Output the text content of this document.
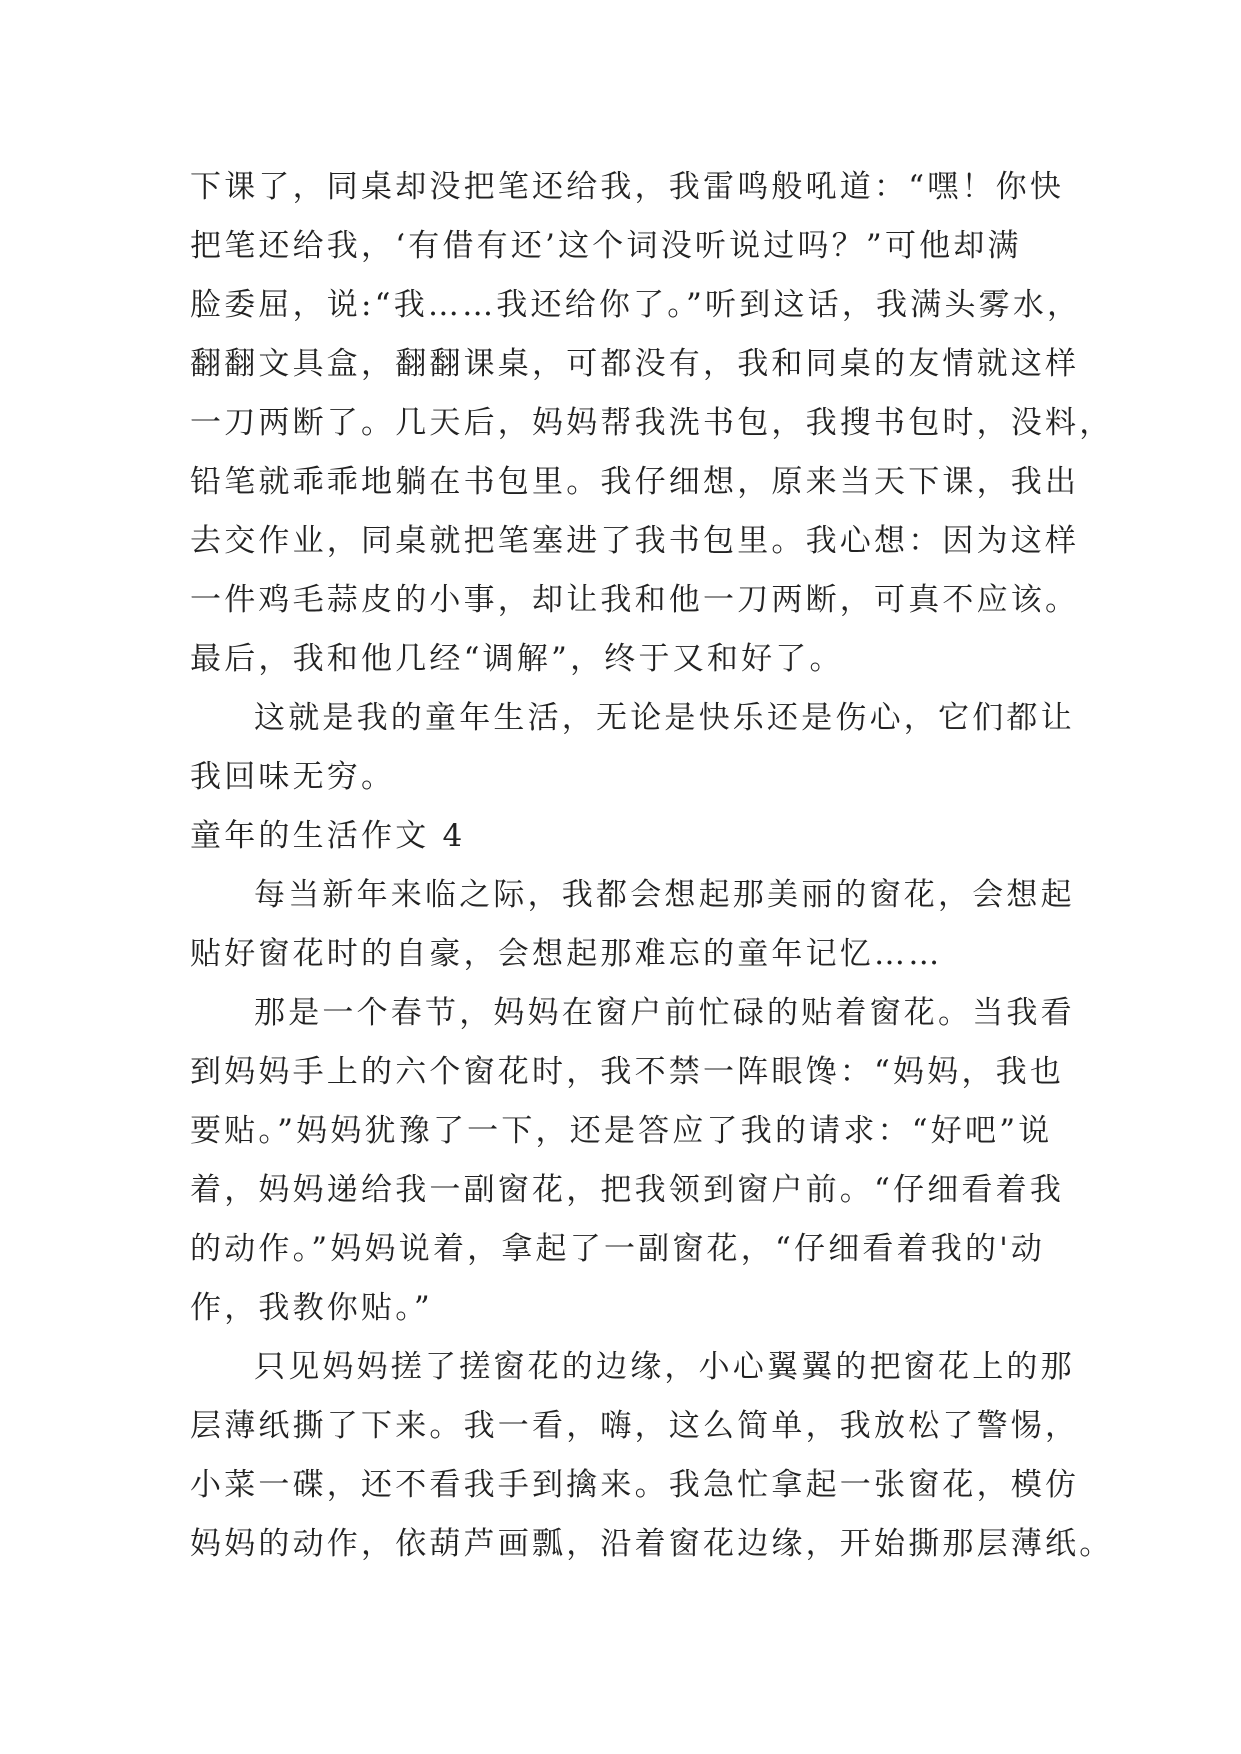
下课了，同桌却没把笔还给我，我雷鸣般吼道：“嘿！你快
把笔还给我，‘有借有还’这个词没听说过吗？”可他却满
脸委屈，说:“我……我还给你了。”听到这话，我满头雾水，
翻翻文具盒，翻翻课桌，可都没有，我和同桌的友情就这样
一刀两断了。几天后，妈妈帮我洗书包，我搜书包时，没料，
铅笔就乖乖地躺在书包里。我仔细想，原来当天下课，我出
去交作业，同桌就把笔塞进了我书包里。我心想：因为这样
一件鸡毛蒜皮的小事，却让我和他一刀两断，可真不应该。
最后，我和他几经“调解”，终于又和好了。
这就是我的童年生活，无论是快乐还是伤心，它们都让
我回味无穷。
童年的生活作文 4
每当新年来临之际，我都会想起那美丽的窗花，会想起
贴好窗花时的自豪，会想起那难忘的童年记忆……
那是一个春节，妈妈在窗户前忙碌的贴着窗花。当我看
到妈妈手上的六个窗花时，我不禁一阵眼馋：“妈妈，我也
要贴。”妈妈犹豫了一下，还是答应了我的请求：“好吧”说
着，妈妈递给我一副窗花，把我领到窗户前。“仔细看着我
的动作。”妈妈说着，拿起了一副窗花，“仔细看着我的'动
作，我教你贴。”
只见妈妈搓了搓窗花的边缘，小心翼翼的把窗花上的那
层薄纸撕了下来。我一看，嗨，这么简单，我放松了警惕，
小菜一碟，还不看我手到擒来。我急忙拿起一张窗花，模仿
妈妈的动作，依葫芦画瓢，沿着窗花边缘，开始撕那层薄纸。
